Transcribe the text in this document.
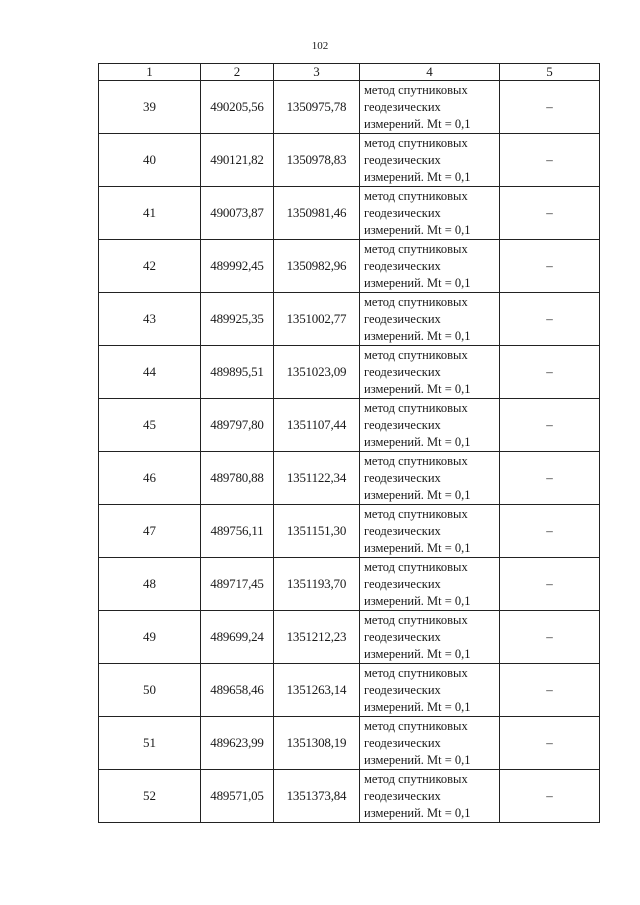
102
1	2	3	4	5
39	490205,56	1350975,78	метод спутниковых
геодезических
измерений. Mt = 0,1	–
40	490121,82	1350978,83	метод спутниковых
геодезических
измерений. Mt = 0,1	–
41	490073,87	1350981,46	метод спутниковых
геодезических
измерений. Mt = 0,1	–
42	489992,45	1350982,96	метод спутниковых
геодезических
измерений. Mt = 0,1	–
43	489925,35	1351002,77	метод спутниковых
геодезических
измерений. Mt = 0,1	–
44	489895,51	1351023,09	метод спутниковых
геодезических
измерений. Mt = 0,1	–
45	489797,80	1351107,44	метод спутниковых
геодезических
измерений. Mt = 0,1	–
46	489780,88	1351122,34	метод спутниковых
геодезических
измерений. Mt = 0,1	–
47	489756,11	1351151,30	метод спутниковых
геодезических
измерений. Mt = 0,1	–
48	489717,45	1351193,70	метод спутниковых
геодезических
измерений. Mt = 0,1	–
49	489699,24	1351212,23	метод спутниковых
геодезических
измерений. Mt = 0,1	–
50	489658,46	1351263,14	метод спутниковых
геодезических
измерений. Mt = 0,1	–
51	489623,99	1351308,19	метод спутниковых
геодезических
измерений. Mt = 0,1	–
52	489571,05	1351373,84	метод спутниковых
геодезических
измерений. Mt = 0,1	–
